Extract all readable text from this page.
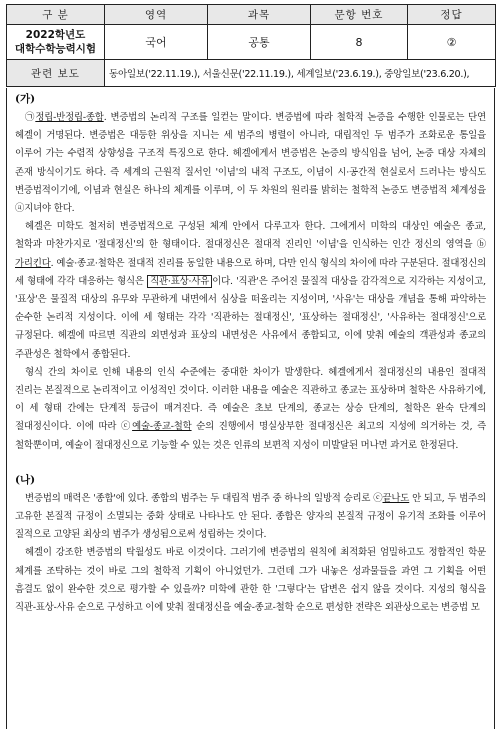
구 분	영역	과목	문항 번호	정답

2022학년도
대학수학능력시험	국어	공통	8	②
관련 보도	동아일보('22.11.19.), 서울신문('22.11.19.), 세계일보('23.6.19.), 중앙일보('23.6.20.),			
(가)

㉠정립-반정립-종합. 변증법의 논리적 구조를 일컫는 말이다. 변증법에 따라 철학적 논증을 수행한 인물로는 단연 헤겔이 거명된다. 변증법은 대등한 위상을 지니는 세 범주의 병렬이 아니라, 대립적인 두 범주가 조화로운 통일을 이루어 가는 수렴적 상향성을 구조적 특징으로 한다. 헤겔에게서 변증법은 논증의 방식임을 넘어, 논증 대상 자체의 존재 방식이기도 하다. 즉 세계의 근원적 질서인 '이념'의 내적 구조도, 이념이 시·공간적 현실로서 드러나는 방식도 변증법적이기에, 이념과 현실은 하나의 체계를 이루며, 이 두 차원의 원리를 밝히는 철학적 논증도 변증법적 체계성을 ⓐ지녀야 한다.

헤겔은 미학도 철저히 변증법적으로 구성된 체계 안에서 다루고자 한다. 그에게서 미학의 대상인 예술은 종교, 철학과 마찬가지로 '절대정신'의 한 형태이다. 절대정신은 절대적 진리인 '이념'을 인식하는 인간 정신의 영역을 ⓑ가리킨다. 예술·종교·철학은 절대적 진리를 동일한 내용으로 하며, 다만 인식 형식의 차이에 따라 구분된다. 절대정신의 세 형태에 각각 대응하는 형식은 직관·표상·사유 이다. '직관'은 주어진 물질적 대상을 감각적으로 지각하는 지성이고, '표상'은 물질적 대상의 유무와 무관하게 내면에서 심상을 떠올리는 지성이며, '사유'는 대상을 개념을 통해 파악하는 순수한 논리적 지성이다. 이에 세 형태는 각각 '직관하는 절대정신', '표상하는 절대정신', '사유하는 절대정신'으로 규정된다. 헤겔에 따르면 직관의 외면성과 표상의 내면성은 사유에서 종합되고, 이에 맞춰 예술의 객관성과 종교의 주관성은 철학에서 종합된다.

형식 간의 차이로 인해 내용의 인식 수준에는 중대한 차이가 발생한다. 헤겔에게서 절대정신의 내용인 절대적 진리는 본질적으로 논리적이고 이성적인 것이다. 이러한 내용을 예술은 직관하고 종교는 표상하며 철학은 사유하기에, 이 세 형태 간에는 단계적 등급이 매겨진다. 즉 예술은 초보 단계의, 종교는 상승 단계의, 철학은 완숙 단계의 절대정신이다. 이에 따라 ⓒ예술-종교-철학 순의 진행에서 명실상부한 절대정신은 최고의 지성에 의거하는 것, 즉 철학뿐이며, 예술이 절대정신으로 기능할 수 있는 것은 인류의 보편적 지성이 미발달된 머나먼 과거로 한정된다.

(나)

변증법의 매력은 '종합'에 있다. 종합의 범주는 두 대립적 범주 중 하나의 일방적 승리로 ⓒ끝나도 안 되고, 두 범주의 고유한 본질적 규정이 소멸되는 중화 상태로 나타나도 안 된다. 종합은 양자의 본질적 규정이 유기적 조화를 이루어 질적으로 고양된 최상의 범주가 생성됨으로써 성립하는 것이다.

헤겔이 강조한 변증법의 탁월성도 바로 이것이다. 그러기에 변증법의 원칙에 최적화된 엄밀하고도 정합적인 학문 체계를 조탁하는 것이 바로 그의 철학적 기획이 아니었던가. 그런데 그가 내놓은 성과물들을 과연 그 기획을 어떤 흠결도 없이 완수한 것으로 평가할 수 있을까? 미학에 관한 한 '그렇다'는 답변은 쉽지 않을 것이다. 지성의 형식을 직관-표상-사유 순으로 구성하고 이에 맞춰 절대정신을 예술-종교-철학 순으로 편성한 전략은 외관상으로는 변증법 모
